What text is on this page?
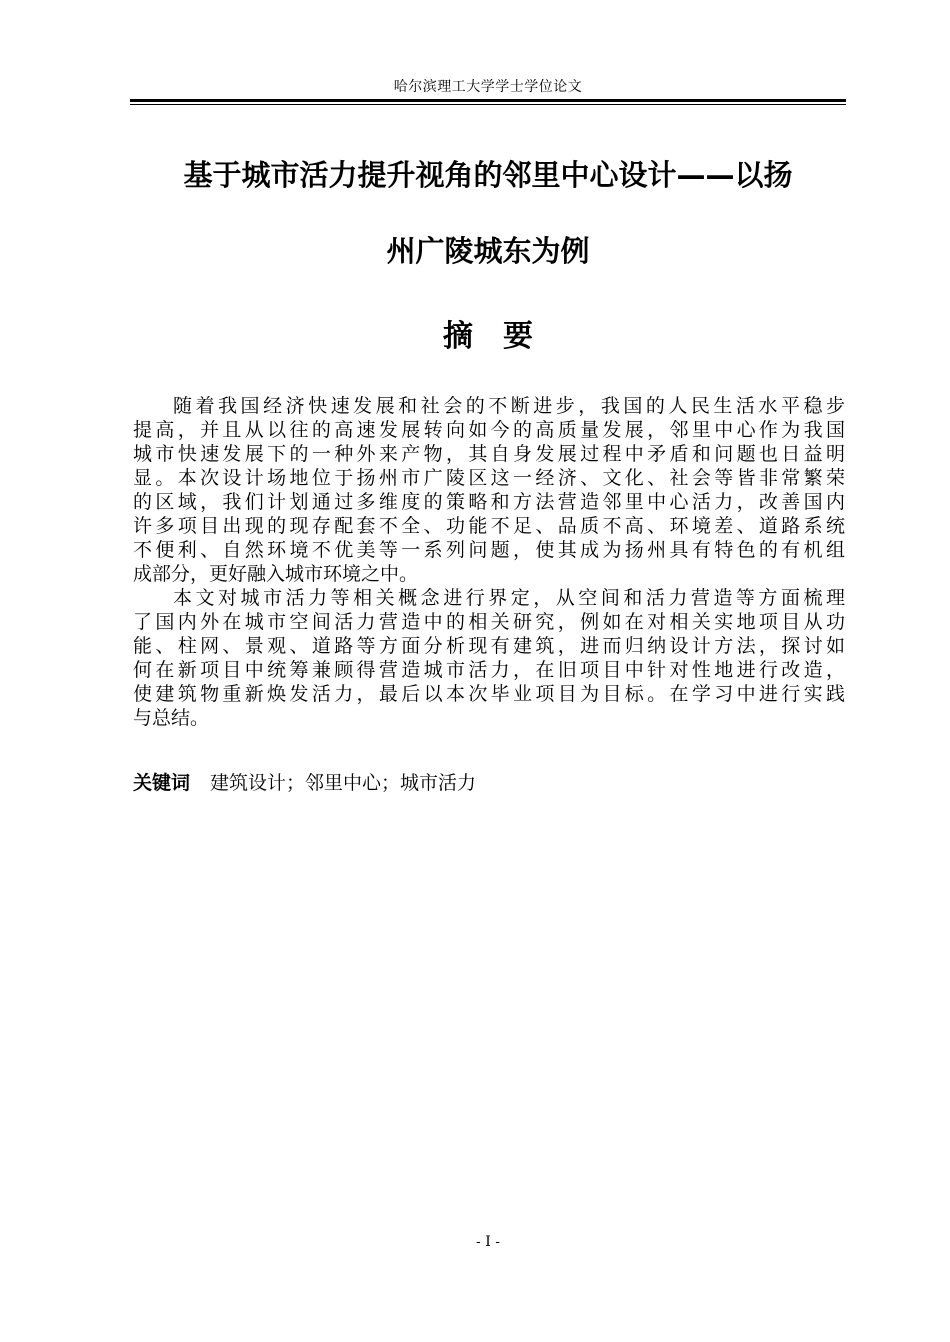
哈尔滨理工大学学士学位论文
基于城市活力提升视角的邻里中心设计——以扬
州广陵城东为例
摘要
随着我国经济快速发展和社会的不断进步，我国的人民生活水平稳步
提高，并且从以往的高速发展转向如今的高质量发展，邻里中心作为我国
城市快速发展下的一种外来产物，其自身发展过程中矛盾和问题也日益明
显。本次设计场地位于扬州市广陵区这一经济、文化、社会等皆非常繁荣
的区域，我们计划通过多维度的策略和方法营造邻里中心活力，改善国内
许多项目出现的现存配套不全、功能不足、品质不高、环境差、道路系统
不便利、自然环境不优美等一系列问题，使其成为扬州具有特色的有机组
成部分，更好融入城市环境之中。
本文对城市活力等相关概念进行界定，从空间和活力营造等方面梳理
了国内外在城市空间活力营造中的相关研究，例如在对相关实地项目从功
能、柱网、景观、道路等方面分析现有建筑，进而归纳设计方法，探讨如
何在新项目中统筹兼顾得营造城市活力，在旧项目中针对性地进行改造，
使建筑物重新焕发活力，最后以本次毕业项目为目标。在学习中进行实践
与总结。
关键词 建筑设计；邻里中心；城市活力
- I -
